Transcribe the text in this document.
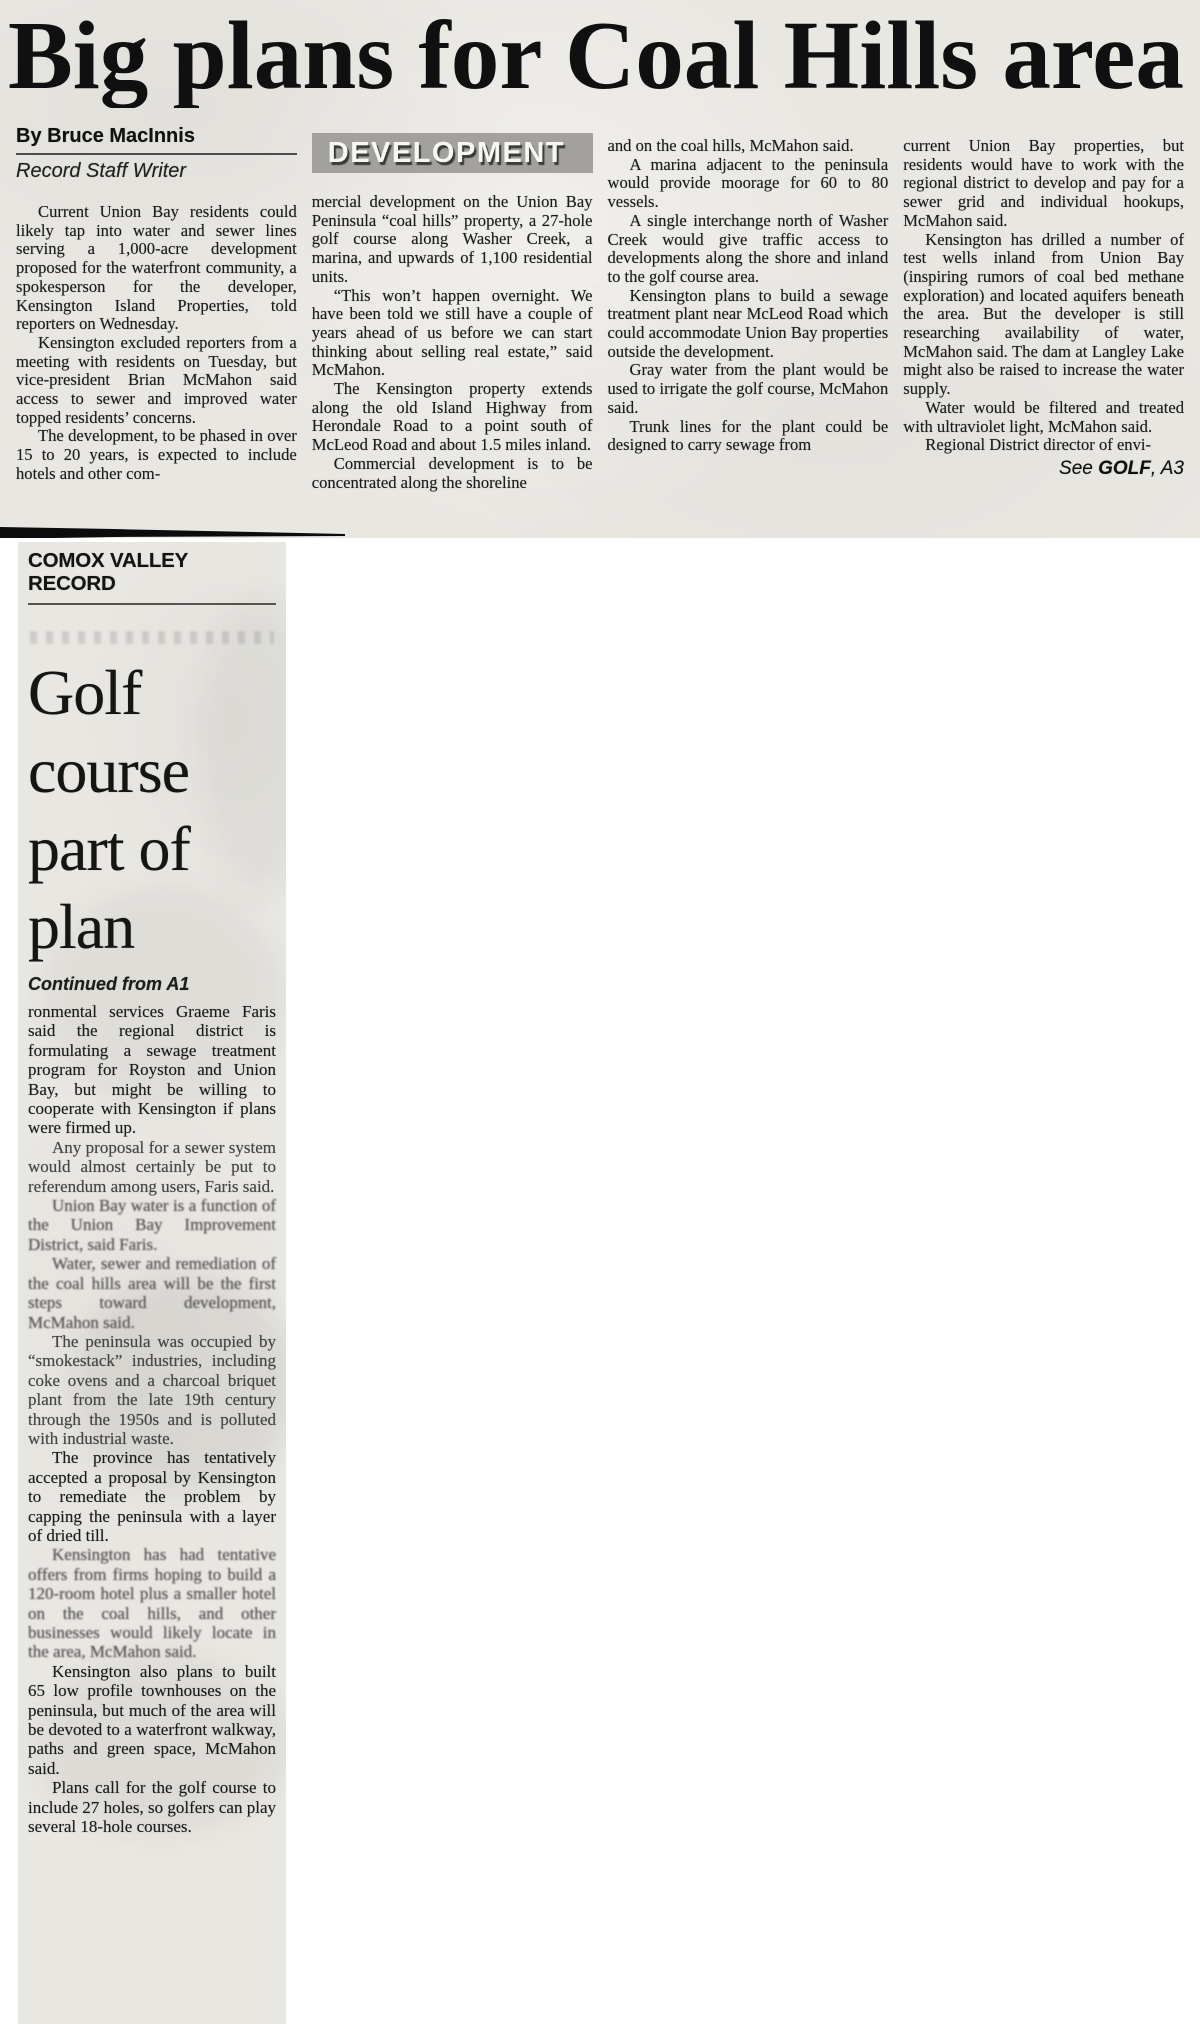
Big plans for Coal Hills area
By Bruce MacInnis
Record Staff Writer

Current Union Bay residents could likely tap into water and sewer lines serving a 1,000-acre development proposed for the waterfront community, a spokesperson for the developer, Kensington Island Properties, told reporters on Wednesday.

Kensington excluded reporters from a meeting with residents on Tuesday, but vice-president Brian McMahon said access to sewer and improved water topped residents’ concerns.

The development, to be phased in over 15 to 20 years, is expected to include hotels and other com-

DEVELOPMENT

mercial development on the Union Bay Peninsula “coal hills” property, a 27-hole golf course along Washer Creek, a marina, and upwards of 1,100 residential units.

“This won’t happen overnight. We have been told we still have a couple of years ahead of us before we can start thinking about selling real estate,” said McMahon.

The Kensington property extends along the old Island Highway from Herondale Road to a point south of McLeod Road and about 1.5 miles inland.

Commercial development is to be concentrated along the shoreline

and on the coal hills, McMahon said.

A marina adjacent to the peninsula would provide moorage for 60 to 80 vessels.

A single interchange north of Washer Creek would give traffic access to developments along the shore and inland to the golf course area.

Kensington plans to build a sewage treatment plant near McLeod Road which could accommodate Union Bay properties outside the development.

Gray water from the plant would be used to irrigate the golf course, McMahon said.

Trunk lines for the plant could be designed to carry sewage from

current Union Bay properties, but residents would have to work with the regional district to develop and pay for a sewer grid and individual hookups, McMahon said.

Kensington has drilled a number of test wells inland from Union Bay (inspiring rumors of coal bed methane exploration) and located aquifers beneath the area. But the developer is still researching availability of water, McMahon said. The dam at Langley Lake might also be raised to increase the water supply.

Water would be filtered and treated with ultraviolet light, McMahon said.

Regional District director of envi-

See GOLF, A3
COMOX VALLEY RECORD
Golf course part of plan
Continued from A1

ronmental services Graeme Faris said the regional district is formulating a sewage treatment program for Royston and Union Bay, but might be willing to cooperate with Kensington if plans were firmed up.

Any proposal for a sewer system would almost certainly be put to referendum among users, Faris said.

Union Bay water is a function of the Union Bay Improvement District, said Faris.

Water, sewer and remediation of the coal hills area will be the first steps toward development, McMahon said.

The peninsula was occupied by “smokestack” industries, including coke ovens and a charcoal briquet plant from the late 19th century through the 1950s and is polluted with industrial waste.

The province has tentatively accepted a proposal by Kensington to remediate the problem by capping the peninsula with a layer of dried till.

Kensington has had tentative offers from firms hoping to build a 120-room hotel plus a smaller hotel on the coal hills, and other businesses would likely locate in the area, McMahon said.

Kensington also plans to built 65 low profile townhouses on the peninsula, but much of the area will be devoted to a waterfront walkway, paths and green space, McMahon said.

Plans call for the golf course to include 27 holes, so golfers can play several 18-hole courses.
